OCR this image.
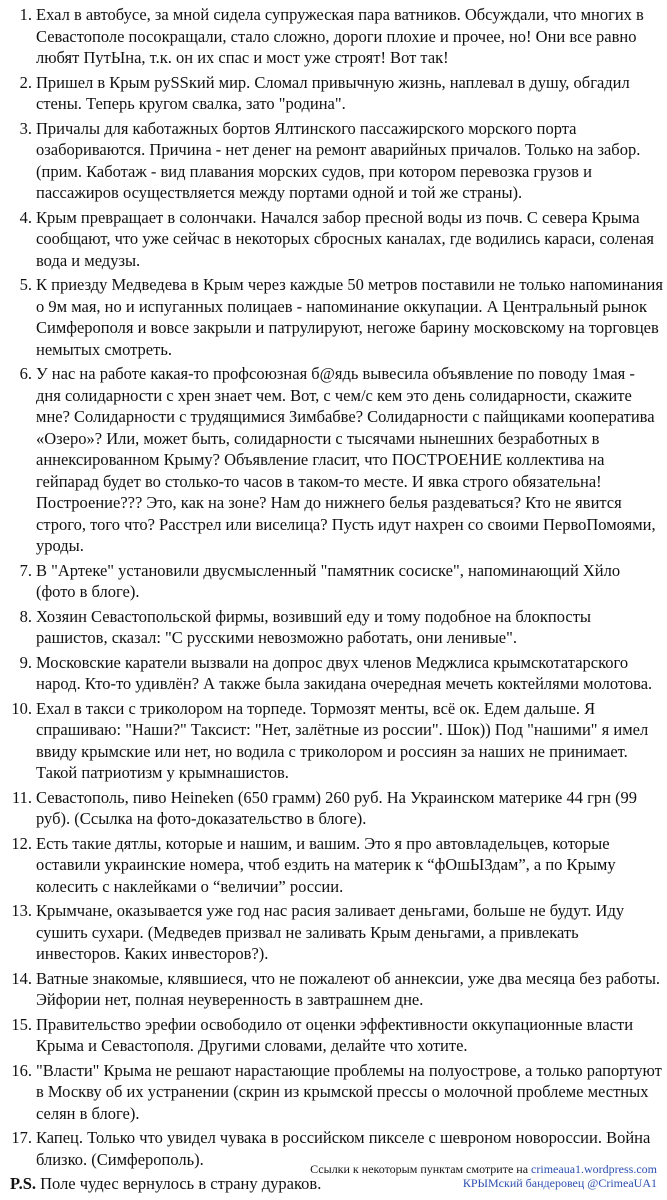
1. Ехал в автобусе, за мной сидела супружеская пара ватников. Обсуждали, что многих в Севастополе посокращали, стало сложно, дороги плохие и прочее, но! Они все равно любят ПутЫна, т.к. он их спас и мост уже строят! Вот так!
2. Пришел в Крым руSSкий мир. Сломал привычную жизнь, наплевал в душу, обгадил стены. Теперь кругом свалка, зато "родина".
3. Причалы для каботажных бортов Ялтинского пассажирского морского порта озабориваются. Причина - нет денег на ремонт аварийных причалов. Только на забор. (прим. Каботаж - вид плавания морских судов, при котором перевозка грузов и пассажиров осуществляется между портами одной и той же страны).
4. Крым превращает в солончаки. Начался забор пресной воды из почв. С севера Крыма сообщают, что уже сейчас в некоторых сбросных каналах, где водились караси, соленая вода и медузы.
5. К приезду Медведева в Крым через каждые 50 метров поставили не только напоминания о 9м мая, но и испуганных полицаев - напоминание оккупации. А Центральный рынок Симферополя и вовсе закрыли и патрулируют, негоже барину московскому на торговцев немытых смотреть.
6. У нас на работе какая-то профсоюзная б@ядь вывесила объявление по поводу 1мая - дня солидарности с хрен знает чем. Вот, с чем/с кем это день солидарности, скажите мне? Солидарности с трудящимися Зимбабве? Солидарности с пайщиками кооператива «Озеро»? Или, может быть, солидарности с тысячами нынешних безработных в аннексированном Крыму? Объявление гласит, что ПОСТРОЕНИЕ коллектива на гейпарад будет во столько-то часов в таком-то месте. И явка строго обязательна! Построение??? Это, как на зоне? Нам до нижнего белья раздеваться? Кто не явится строго, того что? Расстрел или виселица? Пусть идут нахрен со своими ПервоПомоями, уроды.
7. В "Артеке" установили двусмысленный "памятник сосиске", напоминающий Хйло (фото в блоге).
8. Хозяин Севастопольской фирмы, возивший еду и тому подобное на блокпосты рашистов, сказал: "С русскими невозможно работать, они ленивые".
9. Московские каратели вызвали на допрос двух членов Меджлиса крымскотатарского народ. Кто-то удивлён? А также была закидана очередная мечеть коктейлями молотова.
10. Ехал в такси с триколором на торпеде. Тормозят менты, всё ок. Едем дальше. Я спрашиваю: "Наши?" Таксист: "Нет, залётные из россии". Шок)) Под "нашими" я имел ввиду крымские или нет, но водила с триколором и россиян за наших не принимает. Такой патриотизм у крымнашистов.
11. Севастополь, пиво Heineken (650 грамм) 260 руб. На Украинском материке 44 грн (99 руб). (Ссылка на фото-доказательство в блоге).
12. Есть такие дятлы, которые и нашим, и вашим. Это я про автовладельцев, которые оставили украинские номера, чтоб ездить на материк к “фОшЫЗдам”, а по Крыму колесить с наклейками о “величии” россии.
13. Крымчане, оказывается уже год нас расия заливает деньгами, больше не будут. Иду сушить сухари. (Медведев призвал не заливать Крым деньгами, а привлекать инвесторов. Каких инвесторов?).
14. Ватные знакомые, клявшиеся, что не пожалеют об аннексии, уже два месяца без работы. Эйфории нет, полная неуверенность в завтрашнем дне.
15. Правительство эрефии освободило от оценки эффективности оккупационные власти Крыма и Севастополя. Другими словами, делайте что хотите.
16. "Власти" Крыма не решают нарастающие проблемы на полуострове, а только рапортуют в Москву об их устранении (скрин из крымской прессы о молочной проблеме местных селян в блоге).
17. Капец. Только что увидел чувака в российском пикселе с шевроном новороссии. Война близко. (Симферополь).
P.S. Поле чудес вернулось в страну дураков.
Ссылки к некоторым пунктам смотрите на crimeaua1.wordpress.com
КРЫМский бандеровец @CrimeaUA1
